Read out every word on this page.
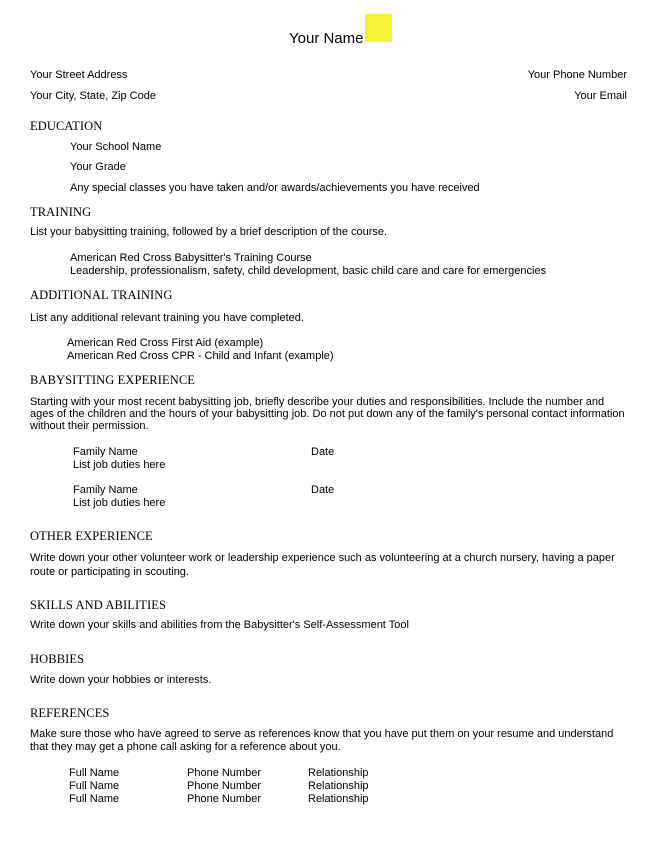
Your Name
Your Street Address
Your City, State, Zip Code
Your Phone Number
Your Email
EDUCATION
Your School Name
Your Grade
Any special classes you have taken and/or awards/achievements you have received
TRAINING
List your babysitting training, followed by a brief description of the course.
American Red Cross Babysitter's Training Course
Leadership, professionalism, safety, child development, basic child care and care for emergencies
ADDITIONAL TRAINING
List any additional relevant training you have completed.
American Red Cross First Aid (example)
American Red Cross CPR - Child and Infant (example)
BABYSITTING EXPERIENCE
Starting with your most recent babysitting job, briefly describe your duties and responsibilities. Include the number and ages of the children and the hours of your babysitting job. Do not put down any of the family's personal contact information without their permission.
Family Name	Date
List job duties here
Family Name	Date
List job duties here
OTHER EXPERIENCE
Write down your other volunteer work or leadership experience such as volunteering at a church nursery, having a paper route or participating in scouting.
SKILLS AND ABILITIES
Write down your skills and abilities from the Babysitter's Self-Assessment Tool
HOBBIES
Write down your hobbies or interests.
REFERENCES
Make sure those who have agreed to serve as references know that you have put them on your resume and understand that they may get a phone call asking for a reference about you.
Full Name	Phone Number	Relationship
Full Name	Phone Number	Relationship
Full Name	Phone Number	Relationship
